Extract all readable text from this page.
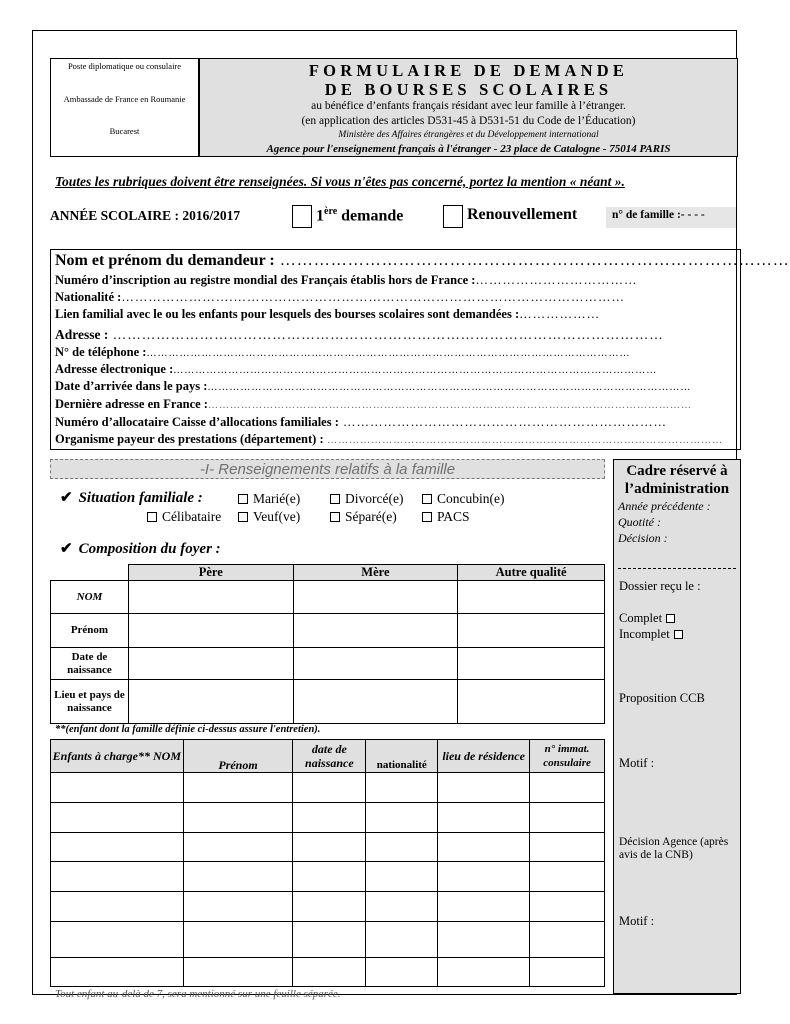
Poste diplomatique ou consulaire
Ambassade de France en Roumanie
Bucarest
FORMULAIRE DE DEMANDE
DE BOURSES SCOLAIRES
au bénéfice d’enfants français résidant avec leur famille à l’étranger.
(en application des articles D531-45 à D531-51 du Code de l’Éducation)
Ministère des Affaires étrangères et du Développement international
Agence pour l'enseignement français à l'étranger - 23 place de Catalogne - 75014 PARIS
Toutes les rubriques doivent être renseignées. Si vous n'êtes pas concerné, portez la mention « néant ».
ANNÉE SCOLAIRE : 2016/2017	1ère demande	Renouvellement	n° de famille :- - - -
Nom et prénom du demandeur : ………………………………………………………………………………
Numéro d’inscription au registre mondial des Français établis hors de France :………………………………
Nationalité :…………………….……………………………………………………………………………
Lien familial avec le ou les enfants pour lesquels des bourses scolaires sont demandées :………………
Adresse : ……………………………………………………………………………………………………
N° de téléphone :……………………………………………………………………………………………………………………
Adresse électronique :……………………………………………………………………………………………………………………
Date d’arrivée dans le pays :……………………………………………………………………………………………………………………
Dernière adresse en France :……………………………………………………………………………………………………………………
Numéro d’allocataire Caisse d’allocations familiales : ………………………………………………………………
Organisme payeur des prestations (département) : ………………………………………………………………………………………………
-I- Renseignements relatifs à la famille
✔ Situation familiale :	Marié(e)	Divorcé(e)	Concubin(e)
Célibataire	Veuf(ve)	Séparé(e)	PACS
✔ Composition du foyer :
	Père	Mère	Autre qualité
NOM			
Prénom			
Date de naissance			
Lieu et pays de naissance			
**(enfant dont la famille définie ci-dessus assure l'entretien).
Enfants à charge** NOM	Prénom	date de naissance	nationalité	lieu de résidence	n° immat. consulaire

Tout enfant au-delà de 7, sera mentionné sur une feuille séparée.
Cadre réservé à l’administration
Année précédente :
Quotité :
Décision :
Dossier reçu le :
Complet
Incomplet
Proposition CCB
Motif :
Décision Agence (après avis de la CNB)
Motif :
